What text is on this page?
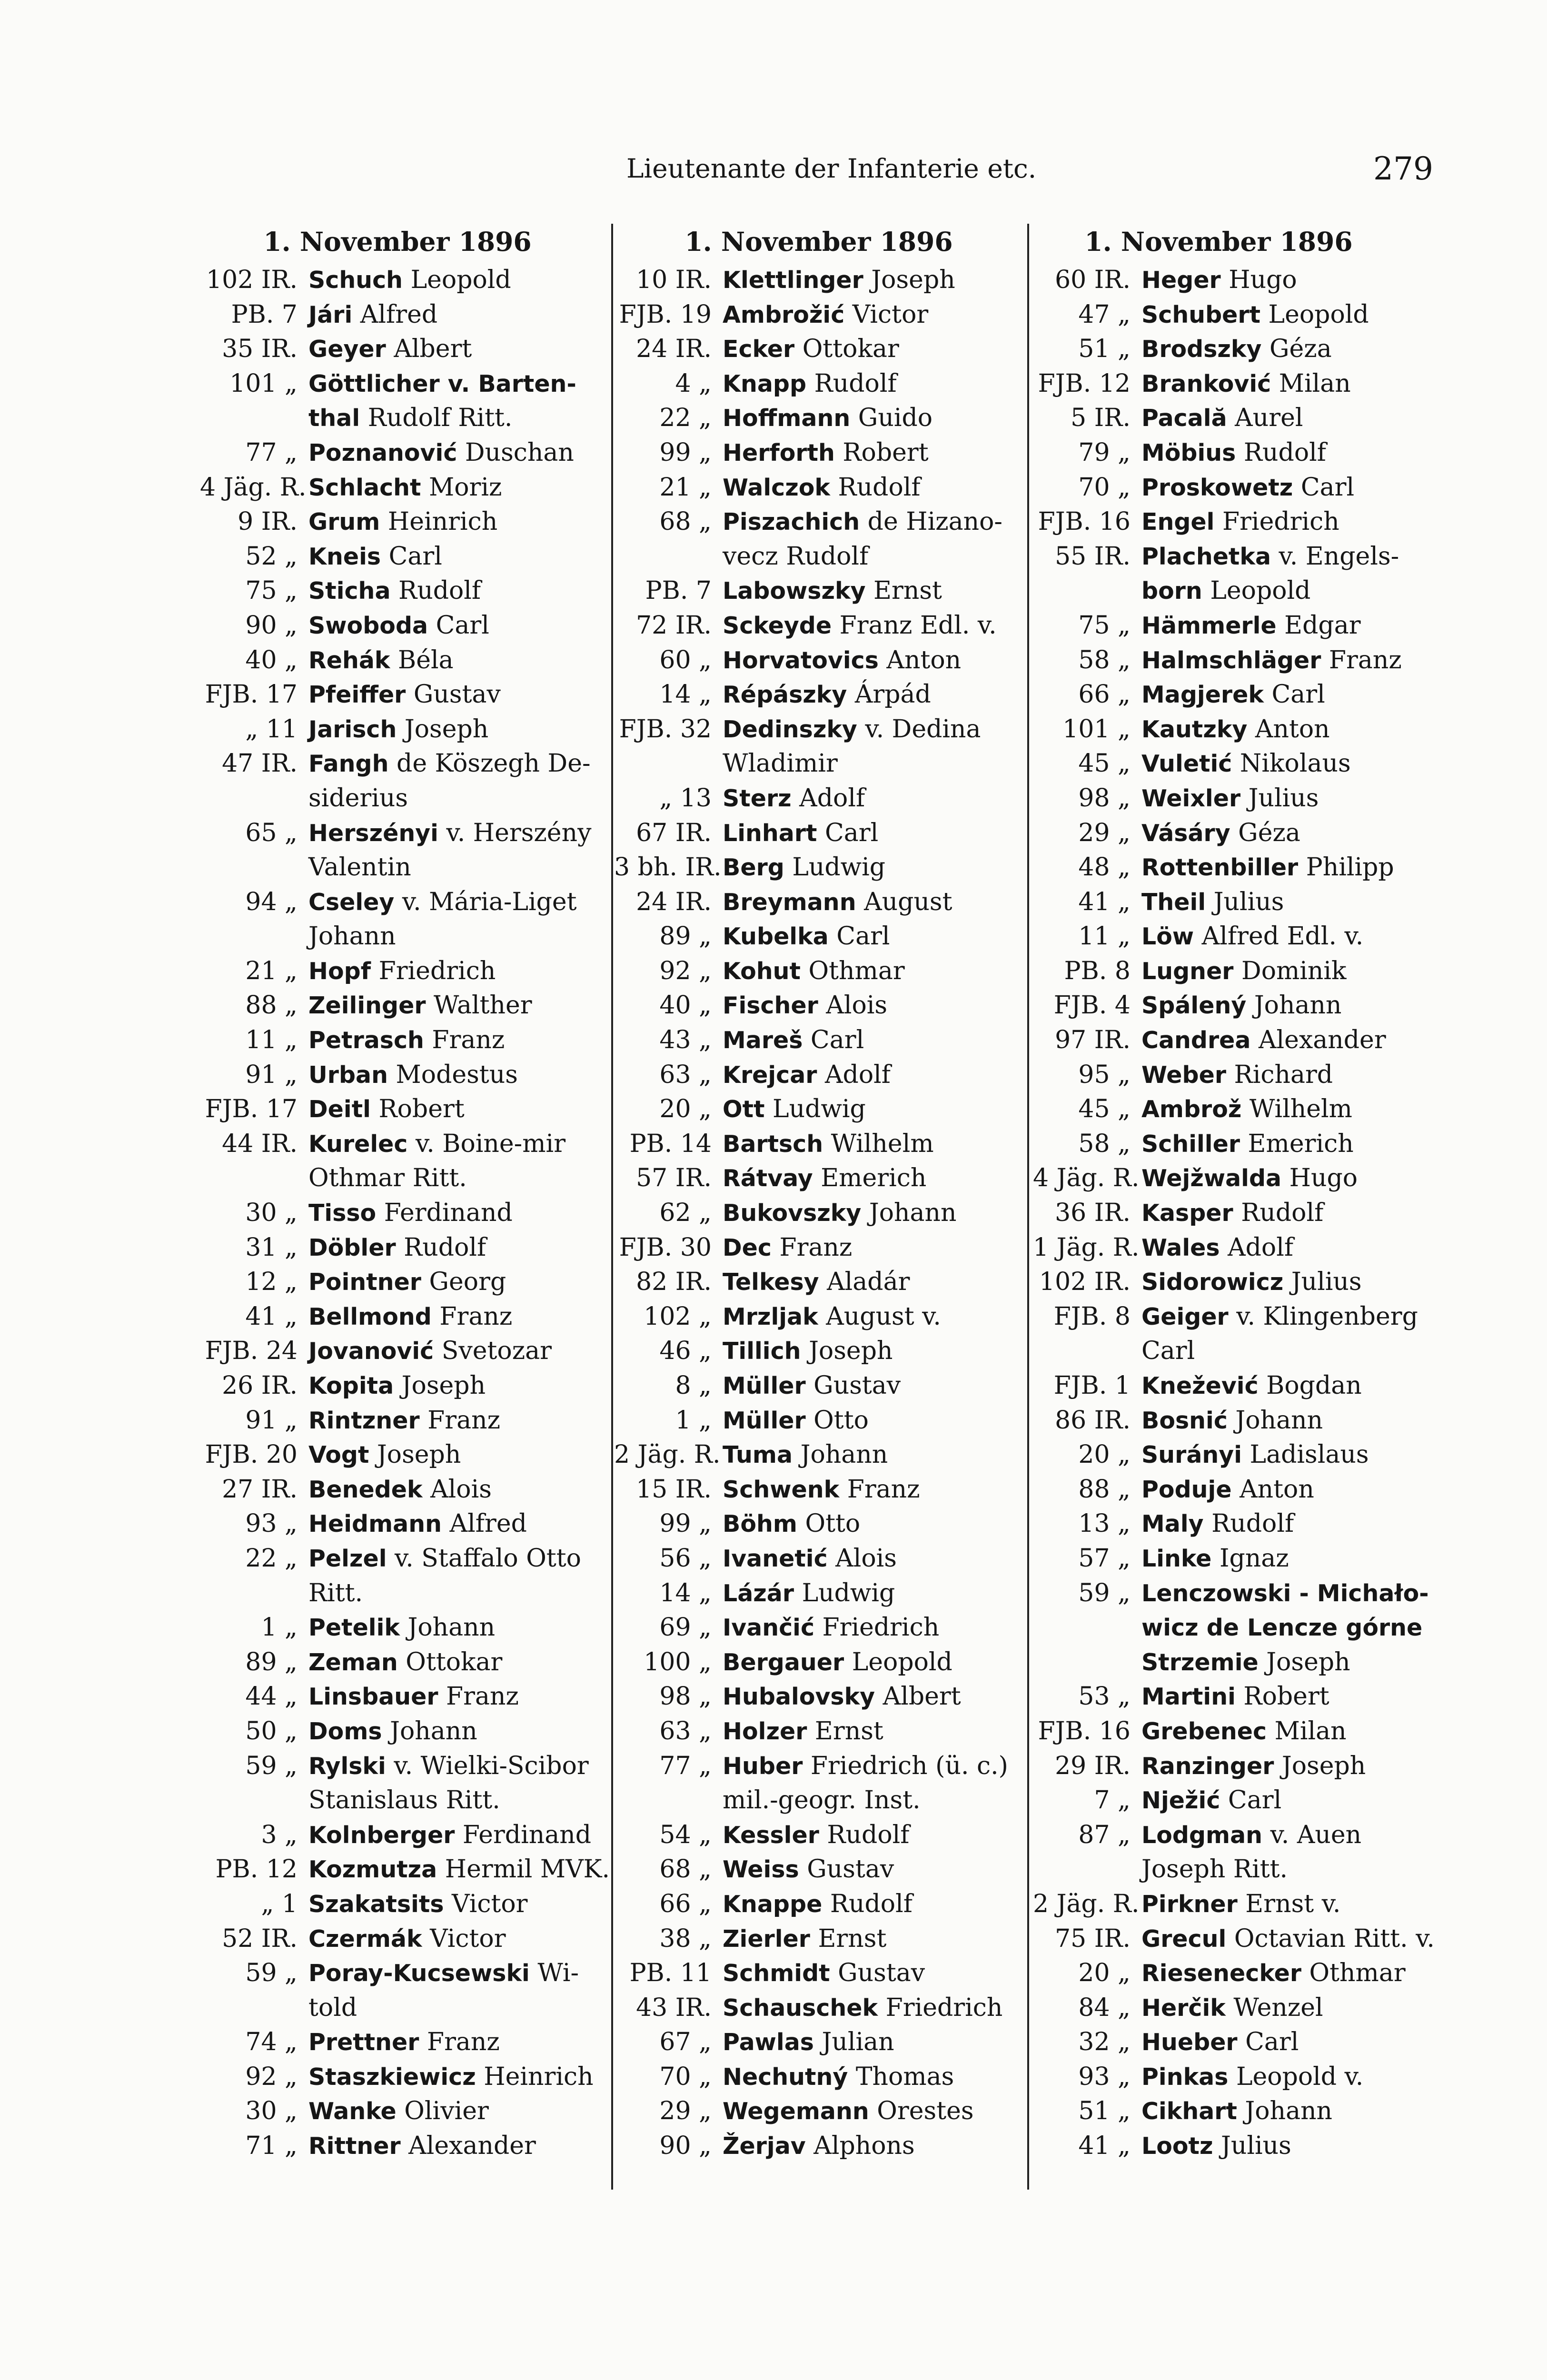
Lieutenante der Infanterie etc.	279
1. November 1896
102 IR. Schuch Leopold
PB. 7 Jári Alfred
35 IR. Geyer Albert
101 „ Göttlicher v. Barten-
thal Rudolf Ritt.
77 „ Poznanović Duschan
4 Jäg. R. Schlacht Moriz
9 IR. Grum Heinrich
52 „ Kneis Carl
75 „ Sticha Rudolf
90 „ Swoboda Carl
40 „ Rehák Béla
FJB. 17 Pfeiffer Gustav
„ 11 Jarisch Joseph
47 IR. Fangh de Köszegh De-
siderius
65 „ Herszényi v. Herszény
Valentin
94 „ Cseley v. Mária-Liget
Johann
21 „ Hopf Friedrich
88 „ Zeilinger Walther
11 „ Petrasch Franz
91 „ Urban Modestus
FJB. 17 Deitl Robert
44 IR. Kurelec v. Boine-mir
Othmar Ritt.
30 „ Tisso Ferdinand
31 „ Döbler Rudolf
12 „ Pointner Georg
41 „ Bellmond Franz
FJB. 24 Jovanović Svetozar
26 IR. Kopita Joseph
91 „ Rintzner Franz
FJB. 20 Vogt Joseph
27 IR. Benedek Alois
93 „ Heidmann Alfred
22 „ Pelzel v. Staffalo Otto
Ritt.
1 „ Petelik Johann
89 „ Zeman Ottokar
44 „ Linsbauer Franz
50 „ Doms Johann
59 „ Rylski v. Wielki-Scibor
Stanislaus Ritt.
3 „ Kolnberger Ferdinand
PB. 12 Kozmutza Hermil MVK.
„ 1 Szakatsits Victor
52 IR. Czermák Victor
59 „ Poray-Kucsewski Wi-
told
74 „ Prettner Franz
92 „ Staszkiewicz Heinrich
30 „ Wanke Olivier
71 „ Rittner Alexander
1. November 1896
10 IR. Klettlinger Joseph
FJB. 19 Ambrožić Victor
24 IR. Ecker Ottokar
4 „ Knapp Rudolf
22 „ Hoffmann Guido
99 „ Herforth Robert
21 „ Walczok Rudolf
68 „ Piszachich de Hizano-
vecz Rudolf
PB. 7 Labowszky Ernst
72 IR. Sckeyde Franz Edl. v.
60 „ Horvatovics Anton
14 „ Répászky Árpád
FJB. 32 Dedinszky v. Dedina
Wladimir
„ 13 Sterz Adolf
67 IR. Linhart Carl
3 bh. IR. Berg Ludwig
24 IR. Breymann August
89 „ Kubelka Carl
92 „ Kohut Othmar
40 „ Fischer Alois
43 „ Mareš Carl
63 „ Krejcar Adolf
20 „ Ott Ludwig
PB. 14 Bartsch Wilhelm
57 IR. Rátvay Emerich
62 „ Bukovszky Johann
FJB. 30 Dec Franz
82 IR. Telkesy Aladár
102 „ Mrzljak August v.
46 „ Tillich Joseph
8 „ Müller Gustav
1 „ Müller Otto
2 Jäg. R. Tuma Johann
15 IR. Schwenk Franz
99 „ Böhm Otto
56 „ Ivanetić Alois
14 „ Lázár Ludwig
69 „ Ivančić Friedrich
100 „ Bergauer Leopold
98 „ Hubalovsky Albert
63 „ Holzer Ernst
77 „ Huber Friedrich (ü. c.)
mil.-geogr. Inst.
54 „ Kessler Rudolf
68 „ Weiss Gustav
66 „ Knappe Rudolf
38 „ Zierler Ernst
PB. 11 Schmidt Gustav
43 IR. Schauschek Friedrich
67 „ Pawlas Julian
70 „ Nechutný Thomas
29 „ Wegemann Orestes
90 „ Žerjav Alphons
1. November 1896
60 IR. Heger Hugo
47 „ Schubert Leopold
51 „ Brodszky Géza
FJB. 12 Branković Milan
5 IR. Pacală Aurel
79 „ Möbius Rudolf
70 „ Proskowetz Carl
FJB. 16 Engel Friedrich
55 IR. Plachetka v. Engels-
born Leopold
75 „ Hämmerle Edgar
58 „ Halmschläger Franz
66 „ Magjerek Carl
101 „ Kautzky Anton
45 „ Vuletić Nikolaus
98 „ Weixler Julius
29 „ Vásáry Géza
48 „ Rottenbiller Philipp
41 „ Theil Julius
11 „ Löw Alfred Edl. v.
PB. 8 Lugner Dominik
FJB. 4 Spálený Johann
97 IR. Candrea Alexander
95 „ Weber Richard
45 „ Ambrož Wilhelm
58 „ Schiller Emerich
4 Jäg. R. Wejžwalda Hugo
36 IR. Kasper Rudolf
1 Jäg. R. Wales Adolf
102 IR. Sidorowicz Julius
FJB. 8 Geiger v. Klingenberg
Carl
FJB. 1 Knežević Bogdan
86 IR. Bosnić Johann
20 „ Surányi Ladislaus
88 „ Poduje Anton
13 „ Maly Rudolf
57 „ Linke Ignaz
59 „ Lenczowski - Michało-
wicz de Lencze górne
Strzemie Joseph
53 „ Martini Robert
FJB. 16 Grebenec Milan
29 IR. Ranzinger Joseph
7 „ Nježić Carl
87 „ Lodgman v. Auen
Joseph Ritt.
2 Jäg. R. Pirkner Ernst v.
75 IR. Grecul Octavian Ritt. v.
20 „ Riesenecker Othmar
84 „ Herčik Wenzel
32 „ Hueber Carl
93 „ Pinkas Leopold v.
51 „ Cikhart Johann
41 „ Lootz Julius
